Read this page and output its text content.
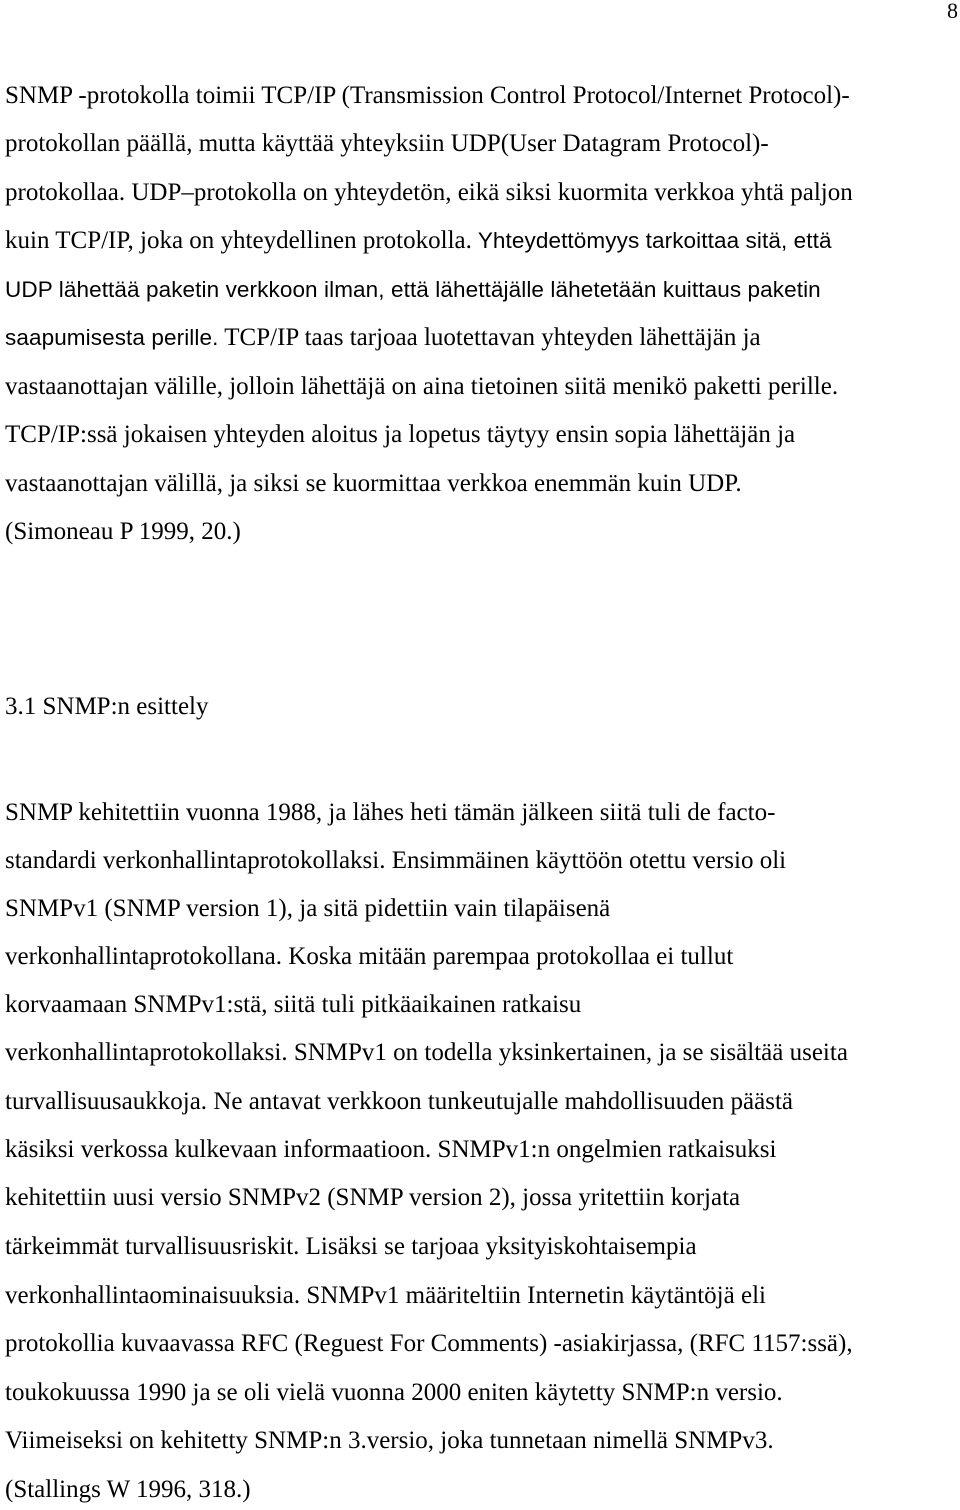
8
SNMP -protokolla toimii TCP/IP (Transmission Control Protocol/Internet Protocol)-
protokollan päällä, mutta käyttää yhteyksiin UDP(User Datagram Protocol)-
protokollaa. UDP–protokolla on yhteydetön, eikä siksi kuormita verkkoa yhtä paljon
kuin TCP/IP, joka on yhteydellinen protokolla. Yhteydettömyys tarkoittaa sitä, että
UDP lähettää paketin verkkoon ilman, että lähettäjälle lähetetään kuittaus paketin
saapumisesta perille. TCP/IP taas tarjoaa luotettavan yhteyden lähettäjän ja
vastaanottajan välille, jolloin lähettäjä on aina tietoinen siitä menikö paketti perille.
TCP/IP:ssä jokaisen yhteyden aloitus ja lopetus täytyy ensin sopia lähettäjän ja
vastaanottajan välillä, ja siksi se kuormittaa verkkoa enemmän kuin UDP.
(Simoneau P 1999, 20.)
3.1 SNMP:n esittely
SNMP kehitettiin vuonna 1988, ja lähes heti tämän jälkeen siitä tuli de facto-
standardi verkonhallintaprotokollaksi. Ensimmäinen käyttöön otettu versio oli
SNMPv1 (SNMP version 1), ja sitä pidettiin vain tilapäisenä
verkonhallintaprotokollana. Koska mitään parempaa protokollaa ei tullut
korvaamaan SNMPv1:stä, siitä tuli pitkäaikainen ratkaisu
verkonhallintaprotokollaksi. SNMPv1 on todella yksinkertainen, ja se sisältää useita
turvallisuusaukkoja. Ne antavat verkkoon tunkeutujalle mahdollisuuden päästä
käsiksi verkossa kulkevaan informaatioon. SNMPv1:n ongelmien ratkaisuksi
kehitettiin uusi versio SNMPv2 (SNMP version 2), jossa yritettiin korjata
tärkeimmät turvallisuusriskit. Lisäksi se tarjoaa yksityiskohtaisempia
verkonhallintaominaisuuksia. SNMPv1 määriteltiin Internetin käytäntöjä eli
protokollia kuvaavassa RFC (Reguest For Comments) -asiakirjassa, (RFC 1157:ssä),
toukokuussa 1990 ja se oli vielä vuonna 2000 eniten käytetty SNMP:n versio.
Viimeiseksi on kehitetty SNMP:n 3.versio, joka tunnetaan nimellä SNMPv3.
(Stallings W 1996, 318.)
